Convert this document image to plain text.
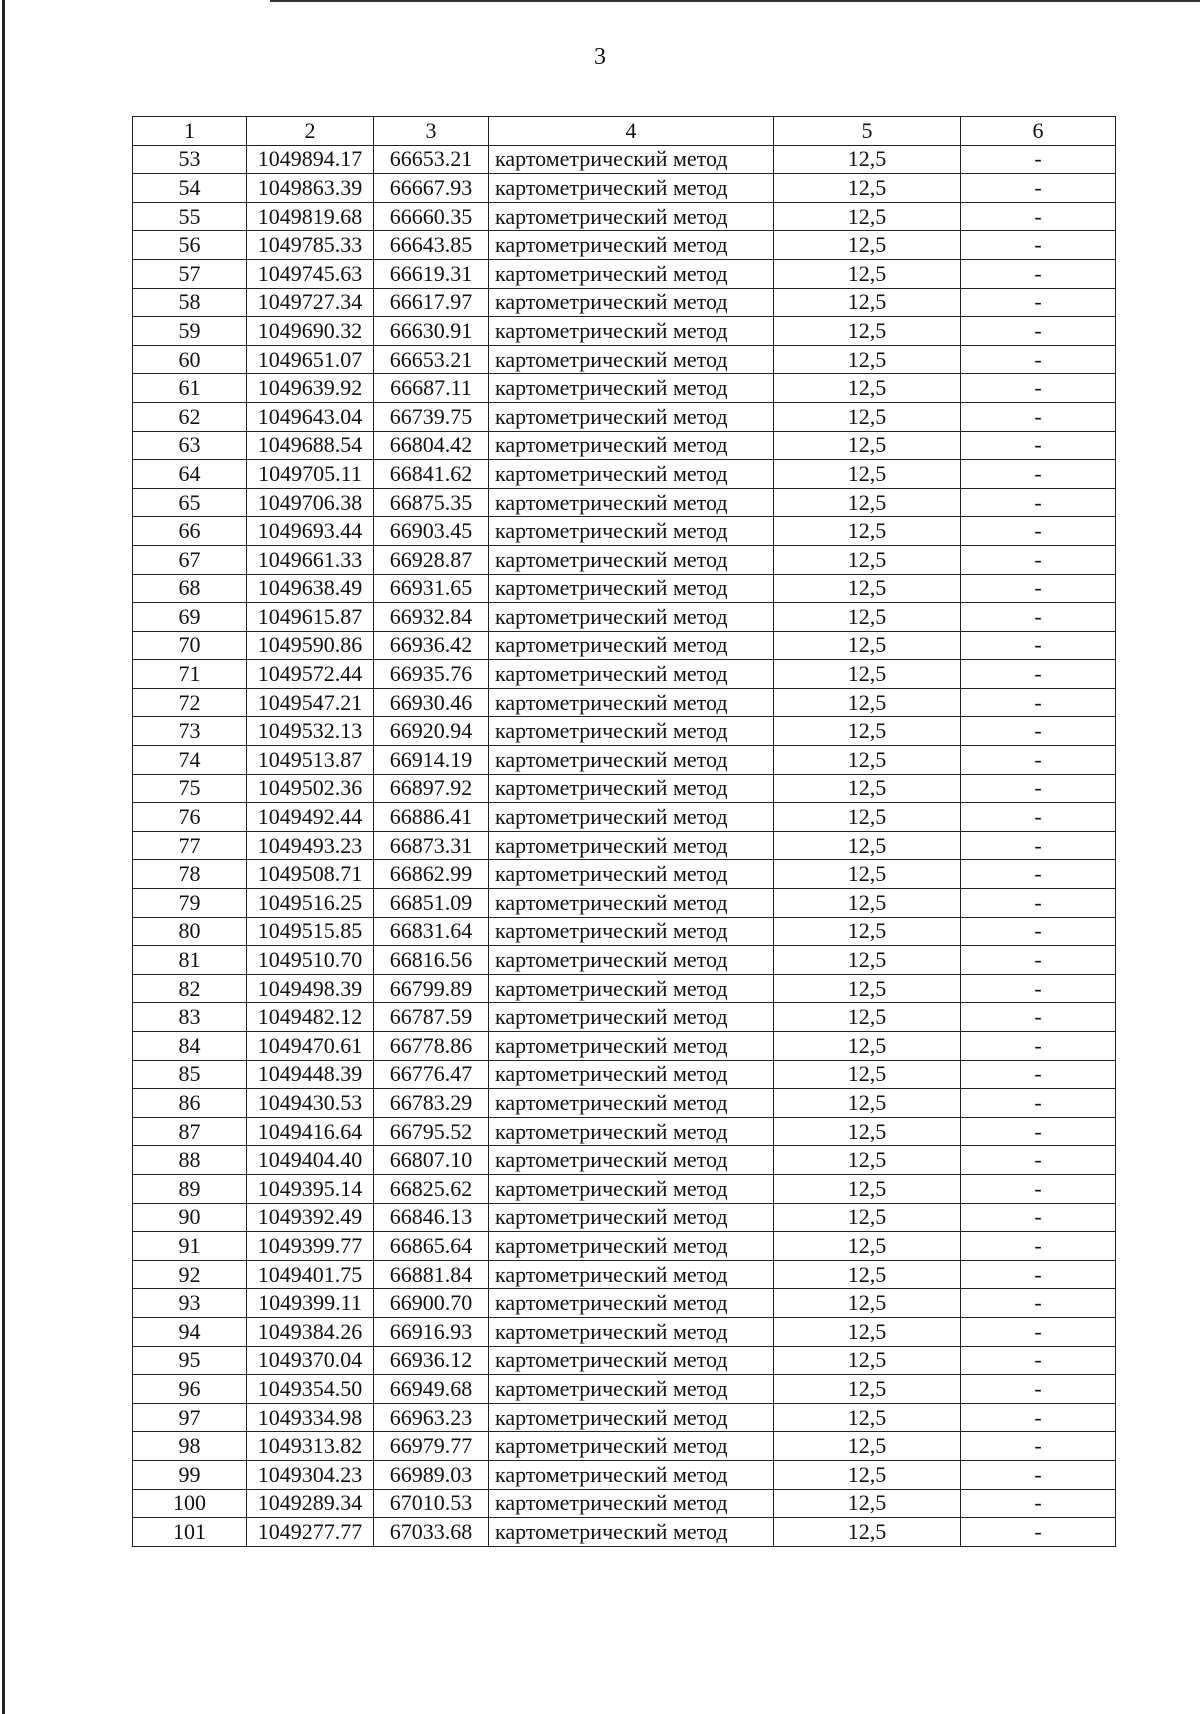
3
1	2	3	4	5	6
53	1049894.17	66653.21	картометрический метод	12,5	-
54	1049863.39	66667.93	картометрический метод	12,5	-
55	1049819.68	66660.35	картометрический метод	12,5	-
56	1049785.33	66643.85	картометрический метод	12,5	-
57	1049745.63	66619.31	картометрический метод	12,5	-
58	1049727.34	66617.97	картометрический метод	12,5	-
59	1049690.32	66630.91	картометрический метод	12,5	-
60	1049651.07	66653.21	картометрический метод	12,5	-
61	1049639.92	66687.11	картометрический метод	12,5	-
62	1049643.04	66739.75	картометрический метод	12,5	-
63	1049688.54	66804.42	картометрический метод	12,5	-
64	1049705.11	66841.62	картометрический метод	12,5	-
65	1049706.38	66875.35	картометрический метод	12,5	-
66	1049693.44	66903.45	картометрический метод	12,5	-
67	1049661.33	66928.87	картометрический метод	12,5	-
68	1049638.49	66931.65	картометрический метод	12,5	-
69	1049615.87	66932.84	картометрический метод	12,5	-
70	1049590.86	66936.42	картометрический метод	12,5	-
71	1049572.44	66935.76	картометрический метод	12,5	-
72	1049547.21	66930.46	картометрический метод	12,5	-
73	1049532.13	66920.94	картометрический метод	12,5	-
74	1049513.87	66914.19	картометрический метод	12,5	-
75	1049502.36	66897.92	картометрический метод	12,5	-
76	1049492.44	66886.41	картометрический метод	12,5	-
77	1049493.23	66873.31	картометрический метод	12,5	-
78	1049508.71	66862.99	картометрический метод	12,5	-
79	1049516.25	66851.09	картометрический метод	12,5	-
80	1049515.85	66831.64	картометрический метод	12,5	-
81	1049510.70	66816.56	картометрический метод	12,5	-
82	1049498.39	66799.89	картометрический метод	12,5	-
83	1049482.12	66787.59	картометрический метод	12,5	-
84	1049470.61	66778.86	картометрический метод	12,5	-
85	1049448.39	66776.47	картометрический метод	12,5	-
86	1049430.53	66783.29	картометрический метод	12,5	-
87	1049416.64	66795.52	картометрический метод	12,5	-
88	1049404.40	66807.10	картометрический метод	12,5	-
89	1049395.14	66825.62	картометрический метод	12,5	-
90	1049392.49	66846.13	картометрический метод	12,5	-
91	1049399.77	66865.64	картометрический метод	12,5	-
92	1049401.75	66881.84	картометрический метод	12,5	-
93	1049399.11	66900.70	картометрический метод	12,5	-
94	1049384.26	66916.93	картометрический метод	12,5	-
95	1049370.04	66936.12	картометрический метод	12,5	-
96	1049354.50	66949.68	картометрический метод	12,5	-
97	1049334.98	66963.23	картометрический метод	12,5	-
98	1049313.82	66979.77	картометрический метод	12,5	-
99	1049304.23	66989.03	картометрический метод	12,5	-
100	1049289.34	67010.53	картометрический метод	12,5	-
101	1049277.77	67033.68	картометрический метод	12,5	-
